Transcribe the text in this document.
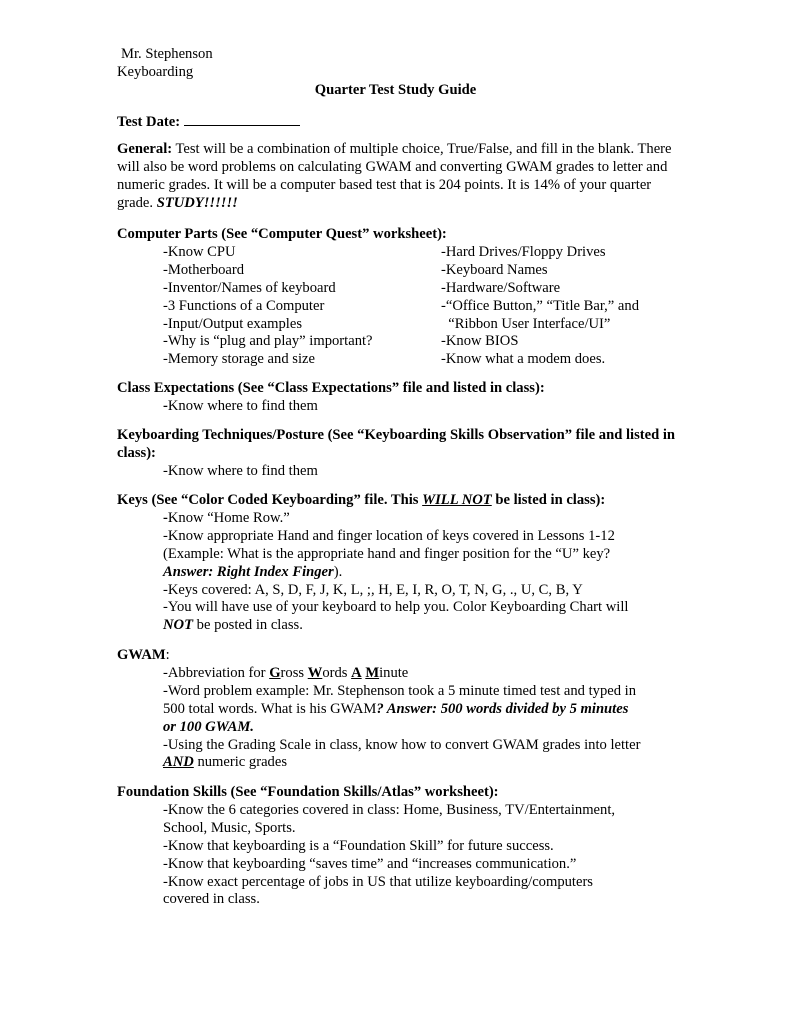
Mr. Stephenson
Keyboarding
Quarter Test Study Guide
Test Date:
General: Test will be a combination of multiple choice, True/False, and fill in the blank. There will also be word problems on calculating GWAM and converting GWAM grades to letter and numeric grades. It will be a computer based test that is 204 points. It is 14% of your quarter grade. STUDY!!!!!!
Computer Parts (See “Computer Quest” worksheet):
-Know CPU
-Motherboard
-Inventor/Names of keyboard
-3 Functions of a Computer
-Input/Output examples
-Why is “plug and play” important?
-Memory storage and size
-Hard Drives/Floppy Drives
-Keyboard Names
-Hardware/Software
-“Office Button,” “Title Bar,” and
“Ribbon User Interface/UI”
-Know BIOS
-Know what a modem does.
Class Expectations (See “Class Expectations” file and listed in class):
-Know where to find them
Keyboarding Techniques/Posture (See “Keyboarding Skills Observation” file and listed in class):
-Know where to find them
Keys (See “Color Coded Keyboarding” file. This WILL NOT be listed in class):
-Know “Home Row.”
-Know appropriate Hand and finger location of keys covered in Lessons 1-12
(Example: What is the appropriate hand and finger position for the “U” key?
Answer: Right Index Finger).
-Keys covered: A, S, D, F, J, K, L, ;, H, E, I, R, O, T, N, G, ., U, C, B, Y
-You will have use of your keyboard to help you. Color Keyboarding Chart will
NOT be posted in class.
GWAM:
-Abbreviation for Gross Words A Minute
-Word problem example: Mr. Stephenson took a 5 minute timed test and typed in
500 total words. What is his GWAM? Answer: 500 words divided by 5 minutes
or 100 GWAM.
-Using the Grading Scale in class, know how to convert GWAM grades into letter
AND numeric grades
Foundation Skills (See “Foundation Skills/Atlas” worksheet):
-Know the 6 categories covered in class: Home, Business, TV/Entertainment,
School, Music, Sports.
-Know that keyboarding is a “Foundation Skill” for future success.
-Know that keyboarding “saves time” and “increases communication.”
-Know exact percentage of jobs in US that utilize keyboarding/computers
covered in class.
